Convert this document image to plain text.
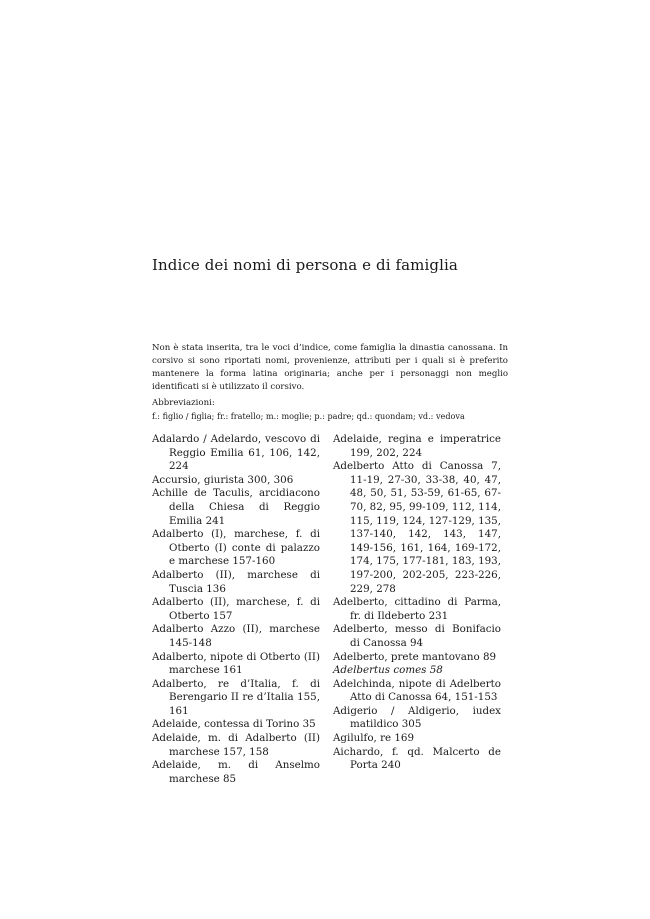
Indice dei nomi di persona e di famiglia

Non è stata inserita, tra le voci d’indice, come famiglia la dinastia canossana. In corsivo si sono riportati nomi, provenienze, attributi per i quali si è preferito mantenere la forma latina originaria; anche per i personaggi non meglio identificati si è utilizzato il corsivo.

Abbreviazioni:
f.: figlio / figlia; fr.: fratello; m.: moglie; p.: padre; qd.: quondam; vd.: vedova

Adalardo / Adelardo, vescovo di Reggio Emilia 61, 106, 142, 224

Accursio, giurista 300, 306

Achille de Taculis, arcidiacono della Chiesa di Reggio Emilia 241

Adalberto (I), marchese, f. di Otberto (I) conte di palazzo e marchese 157-160

Adalberto (II), marchese di Tuscia 136

Adalberto (II), marchese, f. di Otberto 157

Adalberto Azzo (II), marchese 145-148

Adalberto, nipote di Otberto (II) marchese 161

Adalberto, re d’Italia, f. di Berengario II re d’Italia 155, 161

Adelaide, contessa di Torino 35

Adelaide, m. di Adalberto (II) marchese 157, 158

Adelaide, m. di Anselmo marchese 85

Adelaide, regina e imperatrice 199, 202, 224

Adelberto Atto di Canossa 7, 11-19, 27-30, 33-38, 40, 47, 48, 50, 51, 53-59, 61-65, 67-70, 82, 95, 99-109, 112, 114, 115, 119, 124, 127-129, 135, 137-140, 142, 143, 147, 149-156, 161, 164, 169-172, 174, 175, 177-181, 183, 193, 197-200, 202-205, 223-226, 229, 278

Adelberto, cittadino di Parma, fr. di Ildeberto 231

Adelberto, messo di Bonifacio di Canossa 94

Adelberto, prete mantovano 89

Adelbertus comes 58

Adelchinda, nipote di Adelberto Atto di Canossa 64, 151-153

Adigerio / Aldigerio, iudex matildico 305

Agilulfo, re 169

Aichardo, f. qd. Malcerto de Porta 240
